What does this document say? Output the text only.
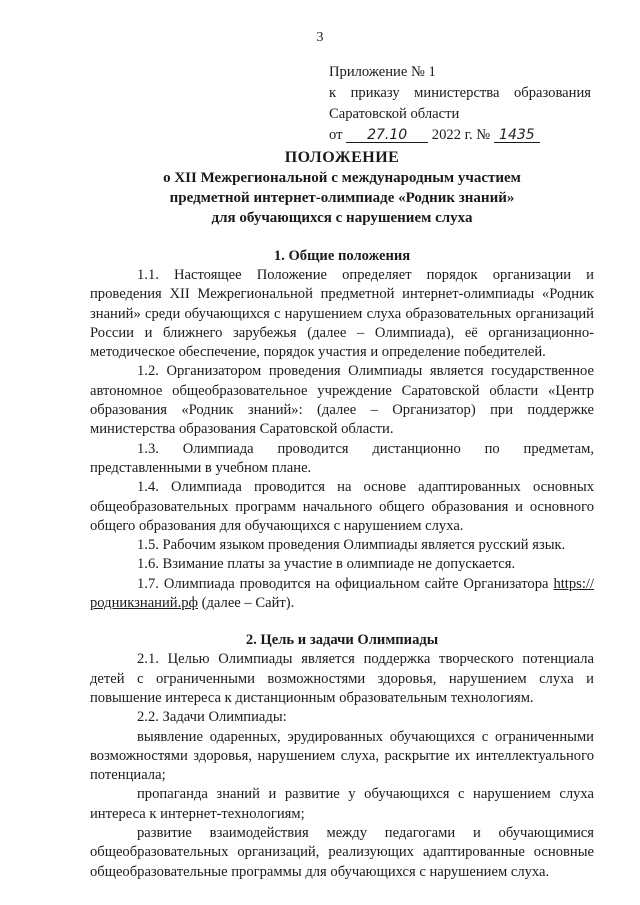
3
Приложение № 1
к приказу министерства образования
Саратовской области
от 27.10 2022 г. № 1435
ПОЛОЖЕНИЕ
о XII Межрегиональной с международным участием
предметной интернет-олимпиаде «Родник знаний»
для обучающихся с нарушением слуха
1. Общие положения

1.1. Настоящее Положение определяет порядок организации и проведения XII Межрегиональной предметной интернет-олимпиады «Родник знаний» среди обучающихся с нарушением слуха образовательных организаций России и ближнего зарубежья (далее – Олимпиада), её организационно-методическое обеспечение, порядок участия и определение победителей.

1.2. Организатором проведения Олимпиады является государственное автономное общеобразовательное учреждение Саратовской области «Центр образования «Родник знаний»: (далее – Организатор) при поддержке министерства образования Саратовской области.

1.3. Олимпиада проводится дистанционно по предметам, представленными в учебном плане.

1.4. Олимпиада проводится на основе адаптированных основных общеобразовательных программ начального общего образования и основного общего образования для обучающихся с нарушением слуха.

1.5. Рабочим языком проведения Олимпиады является русский язык.

1.6. Взимание платы за участие в олимпиаде не допускается.

1.7. Олимпиада проводится на официальном сайте Организатора https://родникзнаний.рф (далее – Сайт).

2. Цель и задачи Олимпиады

2.1. Целью Олимпиады является поддержка творческого потенциала детей с ограниченными возможностями здоровья, нарушением слуха и повышение интереса к дистанционным образовательным технологиям.

2.2. Задачи Олимпиады:

выявление одаренных, эрудированных обучающихся с ограниченными возможностями здоровья, нарушением слуха, раскрытие их интеллектуального потенциала;

пропаганда знаний и развитие у обучающихся с нарушением слуха интереса к интернет-технологиям;

развитие взаимодействия между педагогами и обучающимися общеобразовательных организаций, реализующих адаптированные основные общеобразовательные программы для обучающихся с нарушением слуха.
